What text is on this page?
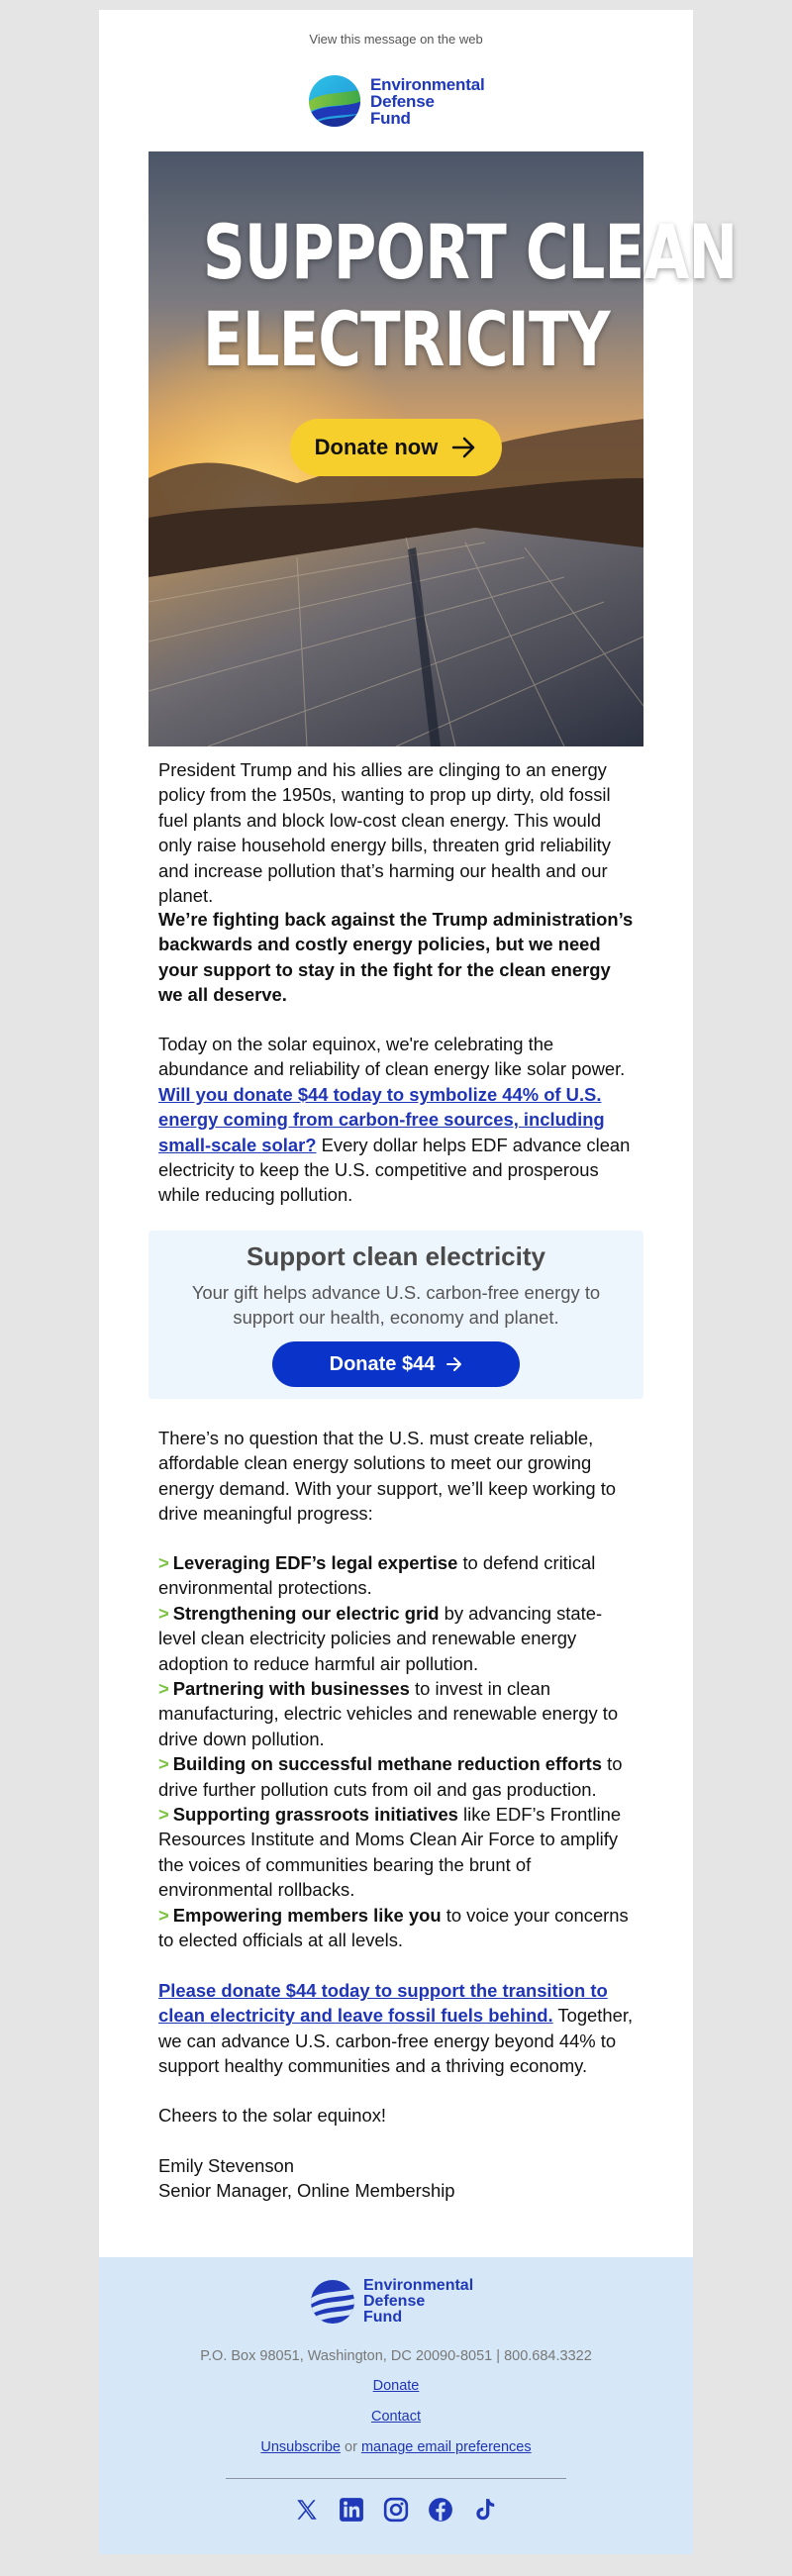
View this message on the web
Environmental
Defense
Fund
SUPPORT CLEAN
ELECTRICITY
Donate now

President Trump and his allies are clinging to an energy policy from the 1950s, wanting to prop up dirty, old fossil fuel plants and block low-cost clean energy. This would only raise household energy bills, threaten grid reliability and increase pollution that’s harming our health and our planet.

We’re fighting back against the Trump administration’s backwards and costly energy policies, but we need your support to stay in the fight for the clean energy we all deserve.

Today on the solar equinox, we're celebrating the abundance and reliability of clean energy like solar power. Will you donate $44 today to symbolize 44% of U.S. energy coming from carbon-free sources, including small-scale solar? Every dollar helps EDF advance clean electricity to keep the U.S. competitive and prosperous while reducing pollution.

Support clean electricity
Your gift helps advance U.S. carbon-free energy to support our health, economy and planet.
Donate $44

There’s no question that the U.S. must create reliable, affordable clean energy solutions to meet our growing energy demand. With your support, we’ll keep working to drive meaningful progress:

> Leveraging EDF’s legal expertise to defend critical environmental protections.
> Strengthening our electric grid by advancing state-level clean electricity policies and renewable energy adoption to reduce harmful air pollution.
> Partnering with businesses to invest in clean manufacturing, electric vehicles and renewable energy to drive down pollution.
> Building on successful methane reduction efforts to drive further pollution cuts from oil and gas production.
> Supporting grassroots initiatives like EDF’s Frontline Resources Institute and Moms Clean Air Force to amplify the voices of communities bearing the brunt of environmental rollbacks.
> Empowering members like you to voice your concerns to elected officials at all levels.

Please donate $44 today to support the transition to clean electricity and leave fossil fuels behind. Together, we can advance U.S. carbon-free energy beyond 44% to support healthy communities and a thriving economy.

Cheers to the solar equinox!

Emily Stevenson

Senior Manager, Online Membership

Environmental
Defense
Fund
P.O. Box 98051, Washington, DC 20090-8051 | 800.684.3322
Donate
Contact
Unsubscribe or manage email preferences
